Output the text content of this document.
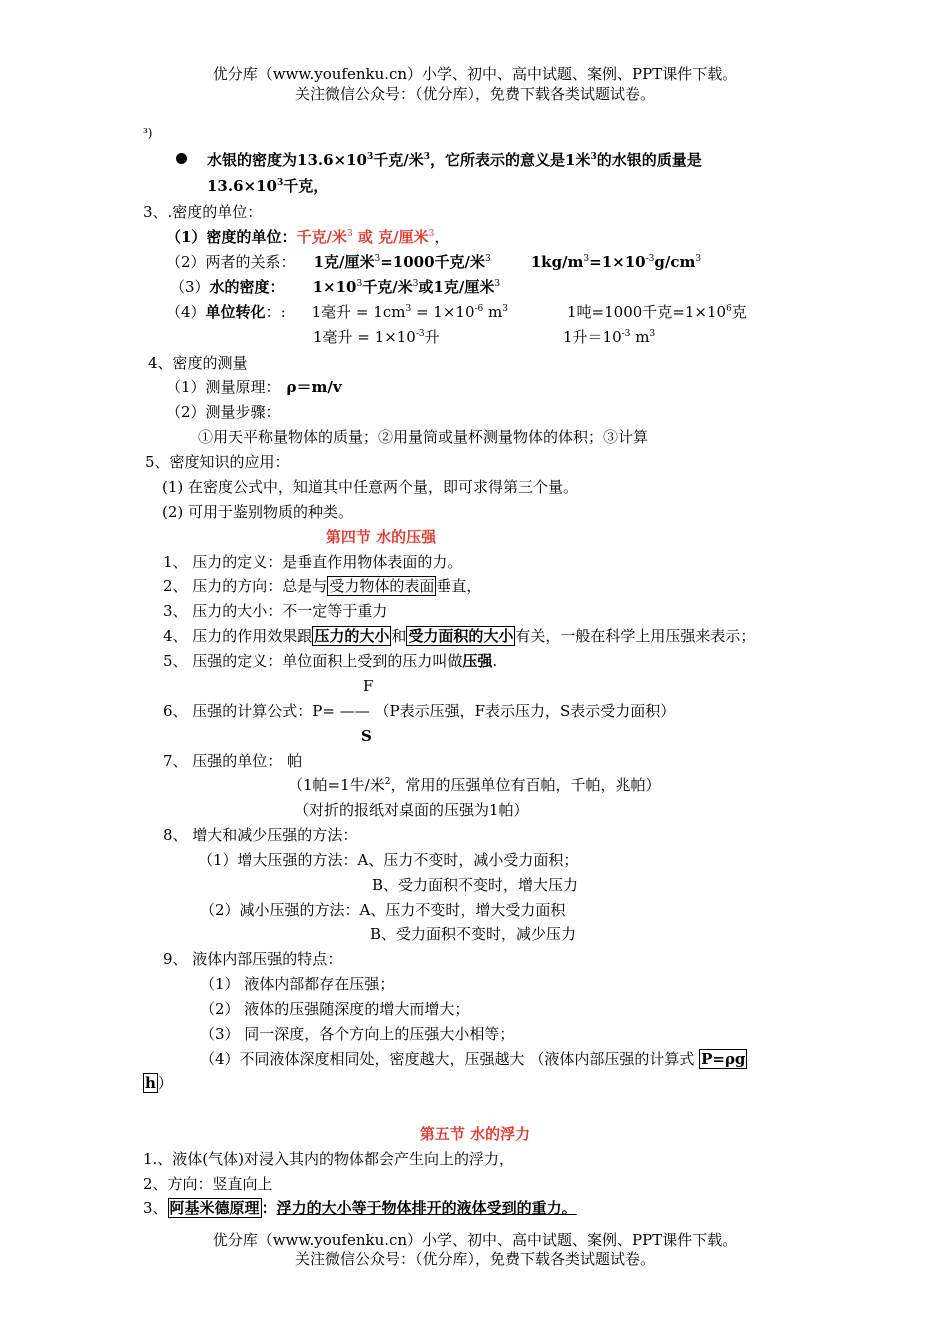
优分库（www.youfenku.cn）小学、初中、高中试题、案例、PPT课件下载。
关注微信公众号：（优分库），免费下载各类试题试卷。
³)
水银的密度为$13.6\times 10^3$千克/米$^3$，它所表示的意义是1米$^3$的水银的质量是
$13.6\times 10^3$千克，
3、.密度的单位：
（1）密度的单位：千克/米$^3$ 或 克/厘米$^3$，
（2）两者的关系： 1克/厘米$^3$=1000千克/米$^3$	$1kg/m^3=1\times 10^{-3}g/cm^3$
（3）水的密度： $1\times 10^3$千克/米$^3$或1克/厘米$^3$
（4）单位转化：: 1毫升 = $1cm^3 = 1\times 10^{-6}$ $m^3$	1吨=1000千克$=1\times 10^6$克
1毫升 = $1\times 10^{-3}$升	1升$=10^{-3}$ $m^3$
4、密度的测量
（1）测量原理： ρ＝m/v
（2）测量步骤：
①用天平称量物体的质量；②用量筒或量杯测量物体的体积；③计算
5、密度知识的应用：
(1) 在密度公式中，知道其中任意两个量，即可求得第三个量。
(2) 可用于鉴别物质的种类。
第四节 水的压强
1、 压力的定义：是垂直作用物体表面的力。
2、 压力的方向：总是与 受力物体的表面 垂直，
3、 压力的大小：不一定等于重力
4、 压力的作用效果跟 压力的大小 和 受力面积的大小 有关，一般在科学上用压强来表示；
5、 压强的定义：单位面积上受到的压力叫做压强.
F
6、 压强的计算公式：P= —— （P表示压强，F表示压力，S表示受力面积）
S
7、 压强的单位： 帕
（1帕=1牛/米$^2$，常用的压强单位有百帕，千帕，兆帕）
（对折的报纸对桌面的压强为1帕）
8、 增大和减少压强的方法：
（1）增大压强的方法：A、压力不变时，减小受力面积；
B、受力面积不变时，增大压力
（2）减小压强的方法：A、压力不变时，增大受力面积
B、受力面积不变时，减少压力
9、 液体内部压强的特点：
（1） 液体内部都存在压强；
（2） 液体的压强随深度的增大而增大；
（3） 同一深度，各个方向上的压强大小相等；
（4）不同液体深度相同处，密度越大，压强越大 （液体内部压强的计算式 P=ρg
h ）
第五节 水的浮力
1.、液体(气体)对浸入其内的物体都会产生向上的浮力，
2、方向：竖直向上
3、 阿基米德原理 ：浮力的大小等于物体排开的液体受到的重力。
优分库（www.youfenku.cn）小学、初中、高中试题、案例、PPT课件下载。
关注微信公众号：（优分库），免费下载各类试题试卷。
